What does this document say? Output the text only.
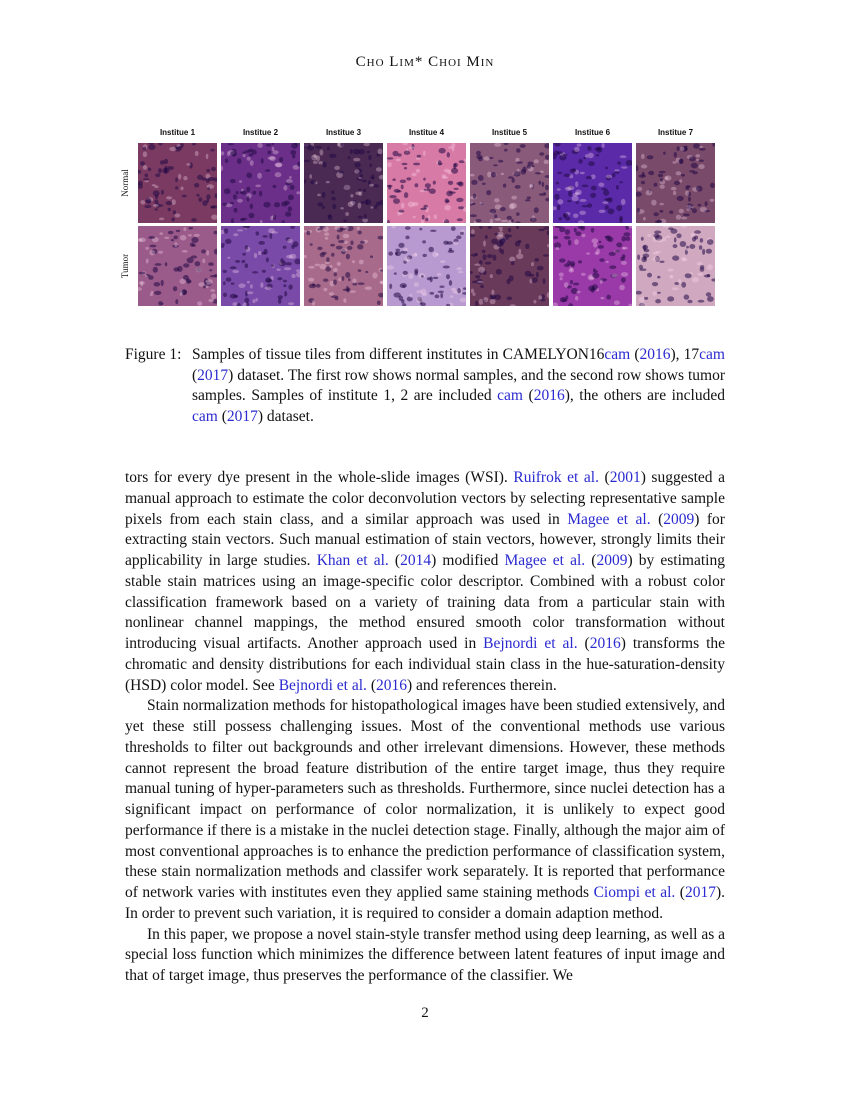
Cho Lim* Choi Min
Institue 1	Institue 2	Institue 3	Institue 4	Institue 5	Institue 6	Institue 7
Normal
Tumor
Figure 1: Samples of tissue tiles from different institutes in CAMELYON16cam (2016), 17cam (2017) dataset. The first row shows normal samples, and the second row shows tumor samples. Samples of institute 1, 2 are included cam (2016), the others are included cam (2017) dataset.

tors for every dye present in the whole-slide images (WSI). Ruifrok et al. (2001) suggested a manual approach to estimate the color deconvolution vectors by selecting representative sample pixels from each stain class, and a similar approach was used in Magee et al. (2009) for extracting stain vectors. Such manual estimation of stain vectors, however, strongly limits their applicability in large studies. Khan et al. (2014) modified Magee et al. (2009) by estimating stable stain matrices using an image-specific color descriptor. Combined with a robust color classification framework based on a variety of training data from a particular stain with nonlinear channel mappings, the method ensured smooth color transformation without introducing visual artifacts. Another approach used in Bejnordi et al. (2016) transforms the chromatic and density distributions for each individual stain class in the hue-saturation-density (HSD) color model. See Bejnordi et al. (2016) and references therein.

Stain normalization methods for histopathological images have been studied extensively, and yet these still possess challenging issues. Most of the conventional methods use various thresholds to filter out backgrounds and other irrelevant dimensions. However, these methods cannot represent the broad feature distribution of the entire target image, thus they require manual tuning of hyper-parameters such as thresholds. Furthermore, since nuclei detection has a significant impact on performance of color normalization, it is unlikely to expect good performance if there is a mistake in the nuclei detection stage. Finally, although the major aim of most conventional approaches is to enhance the prediction performance of classification system, these stain normalization methods and classifer work separately. It is reported that performance of network varies with institutes even they applied same staining methods Ciompi et al. (2017). In order to prevent such variation, it is required to consider a domain adaption method.

In this paper, we propose a novel stain-style transfer method using deep learning, as well as a special loss function which minimizes the difference between latent features of input image and that of target image, thus preserves the performance of the classifier. We

2
